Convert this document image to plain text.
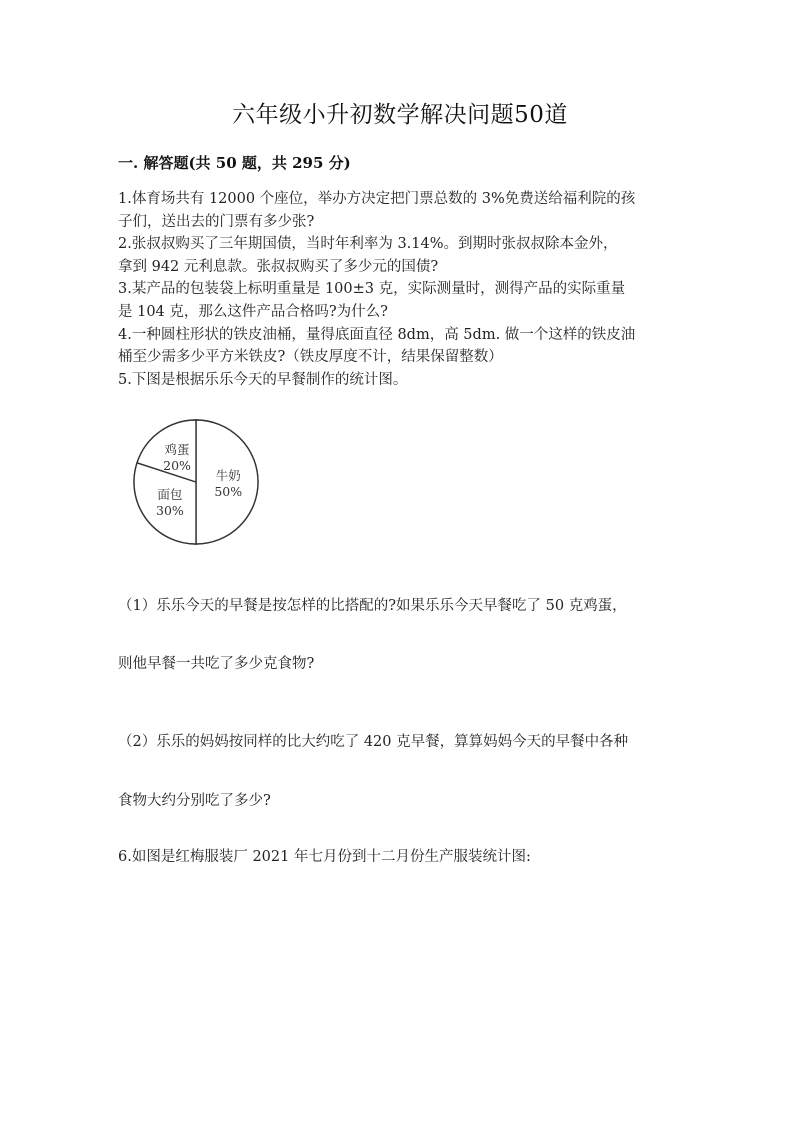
六年级小升初数学解决问题50道
一. 解答题(共 50 题，共 295 分)
1.体育场共有 12000 个座位，举办方决定把门票总数的 3%免费送给福利院的孩
子们，送出去的门票有多少张?
2.张叔叔购买了三年期国债，当时年利率为 3.14%。到期时张叔叔除本金外，
拿到 942 元利息款。张叔叔购买了多少元的国债?
3.某产品的包装袋上标明重量是 100±3 克，实际测量时，测得产品的实际重量
是 104 克，那么这件产品合格吗?为什么?
4.一种圆柱形状的铁皮油桶，量得底面直径 8dm，高 5dm. 做一个这样的铁皮油
桶至少需多少平方米铁皮?（铁皮厚度不计，结果保留整数）
5.下图是根据乐乐今天的早餐制作的统计图。
牛奶
50%
面包
30%
鸡蛋
20%
（1）乐乐今天的早餐是按怎样的比搭配的?如果乐乐今天早餐吃了 50 克鸡蛋，
则他早餐一共吃了多少克食物?
（2）乐乐的妈妈按同样的比大约吃了 420 克早餐，算算妈妈今天的早餐中各种
食物大约分别吃了多少?
6.如图是红梅服装厂 2021 年七月份到十二月份生产服装统计图:
